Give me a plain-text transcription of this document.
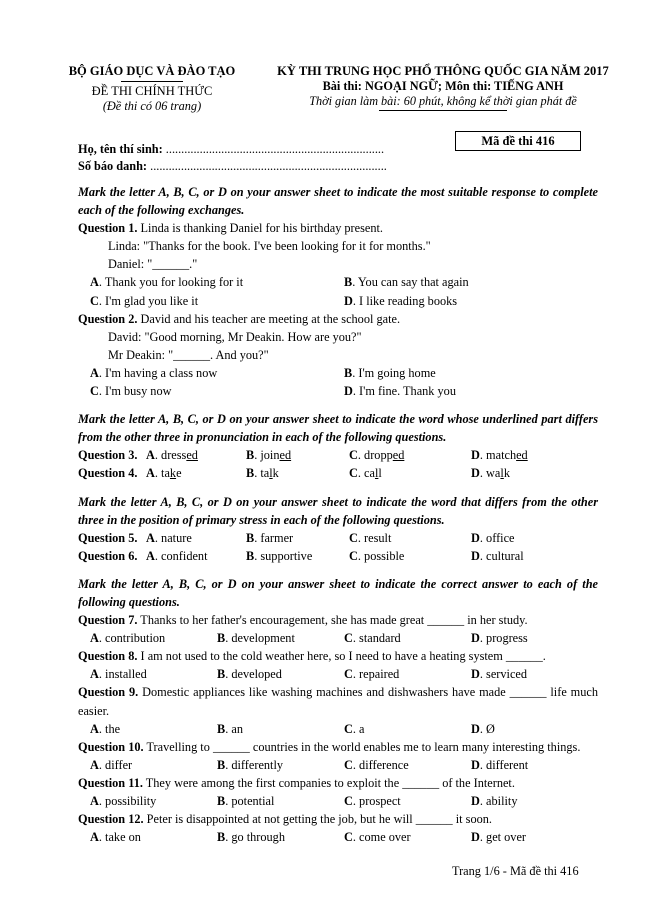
BỘ GIÁO DỤC VÀ ĐÀO TẠO
ĐỀ THI CHÍNH THỨC
(Đề thi có 06 trang)
KỲ THI TRUNG HỌC PHỔ THÔNG QUỐC GIA NĂM 2017
Bài thi: NGOẠI NGỮ; Môn thi: TIẾNG ANH
Thời gian làm bài: 60 phút, không kể thời gian phát đề
Họ, tên thí sinh: .......................................................................
Số báo danh: .............................................................................
Mã đề thi 416
Mark the letter A, B, C, or D on your answer sheet to indicate the most suitable response to complete each of the following exchanges.
Question 1. Linda is thanking Daniel for his birthday present.
Linda: "Thanks for the book. I've been looking for it for months."
Daniel: "______."
A. Thank you for looking for it	B. You can say that again
C. I'm glad you like it	D. I like reading books
Question 2. David and his teacher are meeting at the school gate.
David: "Good morning, Mr Deakin. How are you?"
Mr Deakin: "______. And you?"
A. I'm having a class now	B. I'm going home
C. I'm busy now	D. I'm fine. Thank you
Mark the letter A, B, C, or D on your answer sheet to indicate the word whose underlined part differs from the other three in pronunciation in each of the following questions.
Question 3. A. dressed	B. joined	C. dropped	D. matched
Question 4. A. take	B. talk	C. call	D. walk
Mark the letter A, B, C, or D on your answer sheet to indicate the word that differs from the other three in the position of primary stress in each of the following questions.
Question 5. A. nature	B. farmer	C. result	D. office
Question 6. A. confident	B. supportive	C. possible	D. cultural
Mark the letter A, B, C, or D on your answer sheet to indicate the correct answer to each of the following questions.
Question 7. Thanks to her father's encouragement, she has made great ______ in her study.
A. contribution	B. development	C. standard	D. progress
Question 8. I am not used to the cold weather here, so I need to have a heating system ______.
A. installed	B. developed	C. repaired	D. serviced
Question 9. Domestic appliances like washing machines and dishwashers have made ______ life much easier.
A. the	B. an	C. a	D. Ø
Question 10. Travelling to ______ countries in the world enables me to learn many interesting things.
A. differ	B. differently	C. difference	D. different
Question 11. They were among the first companies to exploit the ______ of the Internet.
A. possibility	B. potential	C. prospect	D. ability
Question 12. Peter is disappointed at not getting the job, but he will ______ it soon.
A. take on	B. go through	C. come over	D. get over
Trang 1/6 - Mã đề thi 416
